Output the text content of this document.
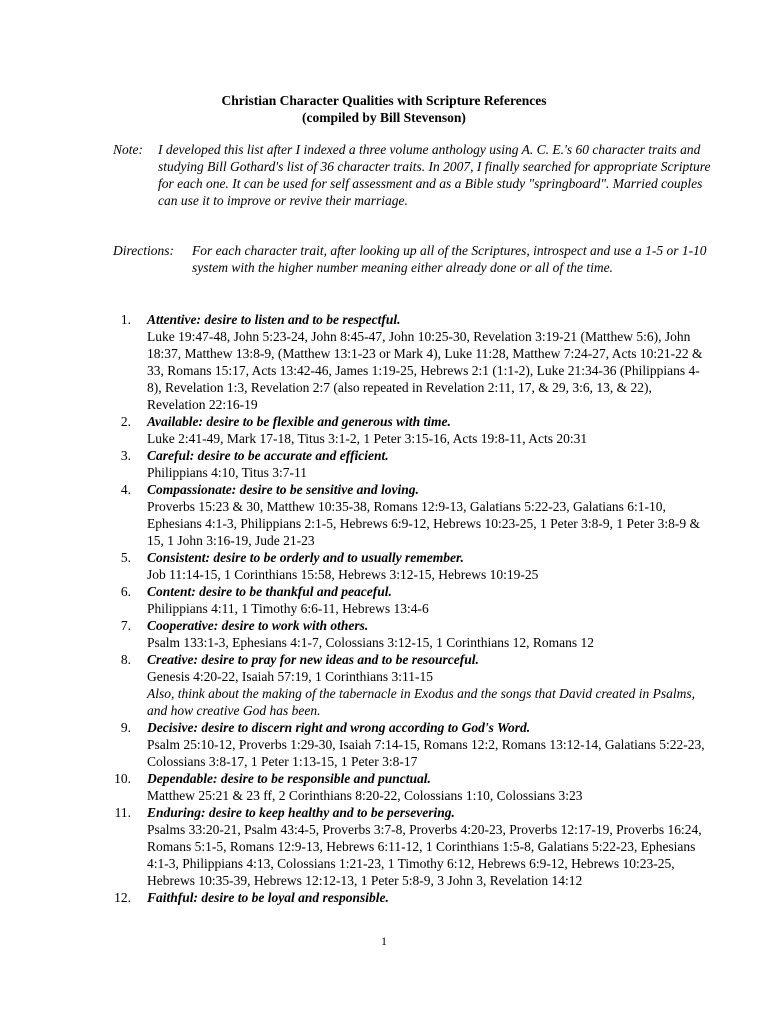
Christian Character Qualities with Scripture References
(compiled by Bill Stevenson)
Note: I developed this list after I indexed a three volume anthology using A. C. E.'s 60 character traits and studying Bill Gothard's list of 36 character traits. In 2007, I finally searched for appropriate Scripture for each one. It can be used for self assessment and as a Bible study "springboard". Married couples can use it to improve or revive their marriage.
Directions: For each character trait, after looking up all of the Scriptures, introspect and use a 1-5 or 1-10 system with the higher number meaning either already done or all of the time.
1. Attentive: desire to listen and to be respectful.
Luke 19:47-48, John 5:23-24, John 8:45-47, John 10:25-30, Revelation 3:19-21 (Matthew 5:6), John 18:37, Matthew 13:8-9, (Matthew 13:1-23 or Mark 4), Luke 11:28, Matthew 7:24-27, Acts 10:21-22 & 33, Romans 15:17, Acts 13:42-46, James 1:19-25, Hebrews 2:1 (1:1-2), Luke 21:34-36 (Philippians 4-8), Revelation 1:3, Revelation 2:7 (also repeated in Revelation 2:11, 17, & 29, 3:6, 13, & 22), Revelation 22:16-19
2. Available: desire to be flexible and generous with time.
Luke 2:41-49, Mark 17-18, Titus 3:1-2, 1 Peter 3:15-16, Acts 19:8-11, Acts 20:31
3. Careful: desire to be accurate and efficient.
Philippians 4:10, Titus 3:7-11
4. Compassionate: desire to be sensitive and loving.
Proverbs 15:23 & 30, Matthew 10:35-38, Romans 12:9-13, Galatians 5:22-23, Galatians 6:1-10, Ephesians 4:1-3, Philippians 2:1-5, Hebrews 6:9-12, Hebrews 10:23-25, 1 Peter 3:8-9, 1 Peter 3:8-9 & 15, 1 John 3:16-19, Jude 21-23
5. Consistent: desire to be orderly and to usually remember.
Job 11:14-15, 1 Corinthians 15:58, Hebrews 3:12-15, Hebrews 10:19-25
6. Content: desire to be thankful and peaceful.
Philippians 4:11, 1 Timothy 6:6-11, Hebrews 13:4-6
7. Cooperative: desire to work with others.
Psalm 133:1-3, Ephesians 4:1-7, Colossians 3:12-15, 1 Corinthians 12, Romans 12
8. Creative: desire to pray for new ideas and to be resourceful.
Genesis 4:20-22, Isaiah 57:19, 1 Corinthians 3:11-15
Also, think about the making of the tabernacle in Exodus and the songs that David created in Psalms, and how creative God has been.
9. Decisive: desire to discern right and wrong according to God's Word.
Psalm 25:10-12, Proverbs 1:29-30, Isaiah 7:14-15, Romans 12:2, Romans 13:12-14, Galatians 5:22-23, Colossians 3:8-17, 1 Peter 1:13-15, 1 Peter 3:8-17
10. Dependable: desire to be responsible and punctual.
Matthew 25:21 & 23 ff, 2 Corinthians 8:20-22, Colossians 1:10, Colossians 3:23
11. Enduring: desire to keep healthy and to be persevering.
Psalms 33:20-21, Psalm 43:4-5, Proverbs 3:7-8, Proverbs 4:20-23, Proverbs 12:17-19, Proverbs 16:24, Romans 5:1-5, Romans 12:9-13, Hebrews 6:11-12, 1 Corinthians 1:5-8, Galatians 5:22-23, Ephesians 4:1-3, Philippians 4:13, Colossians 1:21-23, 1 Timothy 6:12, Hebrews 6:9-12, Hebrews 10:23-25, Hebrews 10:35-39, Hebrews 12:12-13, 1 Peter 5:8-9, 3 John 3, Revelation 14:12
12. Faithful: desire to be loyal and responsible.
1
